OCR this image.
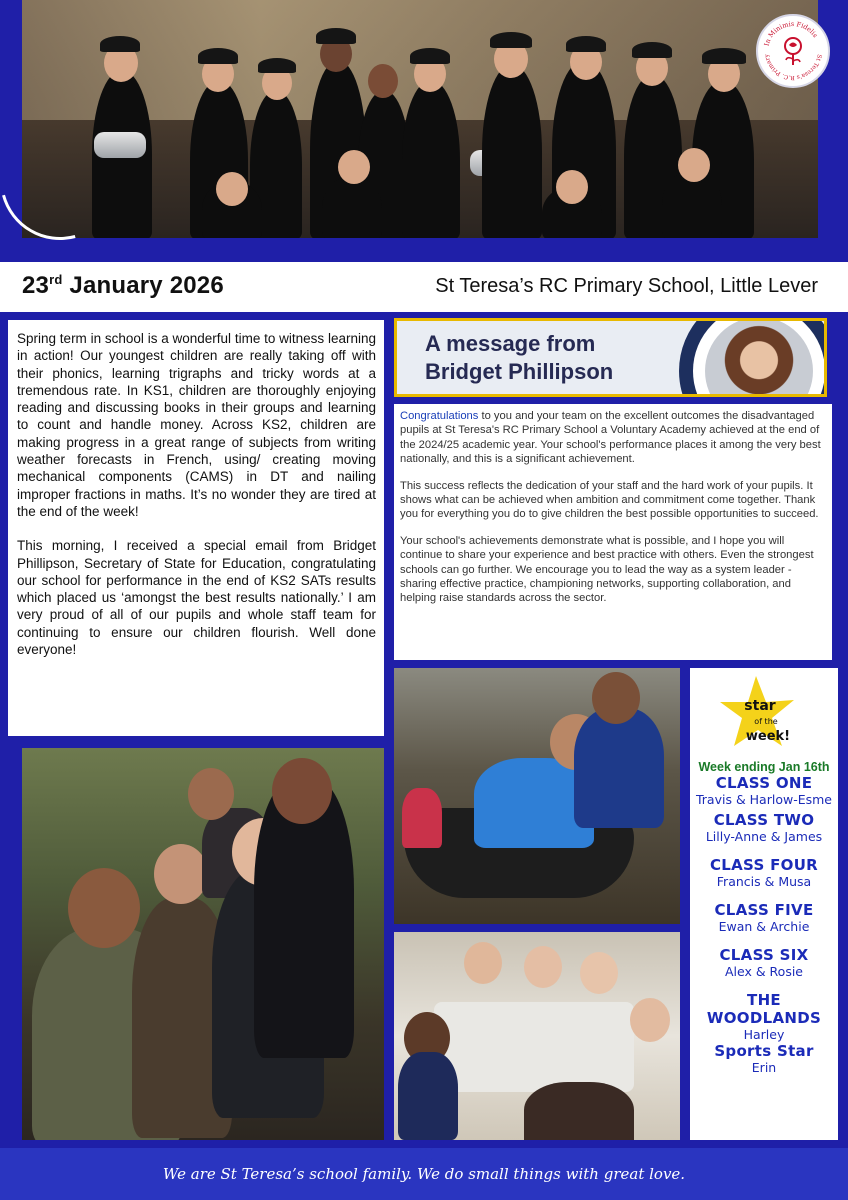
In Minimis Fidelis
St Teresa's R.C. Primary
23rd January 2026	St Teresa’s RC Primary School, Little Lever

Spring term in school is a wonderful time to witness learning in action! Our youngest children are really taking off with their phonics, learning trigraphs and tricky words at a tremendous rate. In KS1, children are thoroughly enjoying reading and discussing books in their groups and learning to count and handle money. Across KS2, children are making progress in a great range of subjects from writing weather forecasts in French, using/ creating moving mechanical components (CAMS) in DT and nailing improper fractions in maths. It’s no wonder they are tired at the end of the week!

This morning, I received a special email from Bridget Phillipson, Secretary of State for Education, congratulating our school for performance in the end of KS2 SATs results which placed us ‘amongst the best results nationally.’ I am very proud of all of our pupils and whole staff team for continuing to ensure our children flourish. Well done everyone!

A message from
Bridget Phillipson

Congratulations to you and your team on the excellent outcomes the disadvantaged pupils at St Teresa's RC Primary School a Voluntary Academy achieved at the end of the 2024/25 academic year. Your school's performance places it among the very best nationally, and this is a significant achievement.

This success reflects the dedication of your staff and the hard work of your pupils. It shows what can be achieved when ambition and commitment come together. Thank you for everything you do to give children the best possible opportunities to succeed.

Your school's achievements demonstrate what is possible, and I hope you will continue to share your experience and best practice with others. Even the strongest schools can go further. We encourage you to lead the way as a system leader - sharing effective practice, championing networks, supporting collaboration, and helping raise standards across the sector.

star
of the
week!
Week ending Jan 16th
CLASS ONE
Travis & Harlow-Esme
CLASS TWO
Lilly-Anne & James
CLASS FOUR
Francis & Musa
CLASS FIVE
Ewan & Archie
CLASS SIX
Alex & Rosie
THE WOODLANDS
Harley
Sports Star
Erin
We are St Teresa’s school family. We do small things with great love.
